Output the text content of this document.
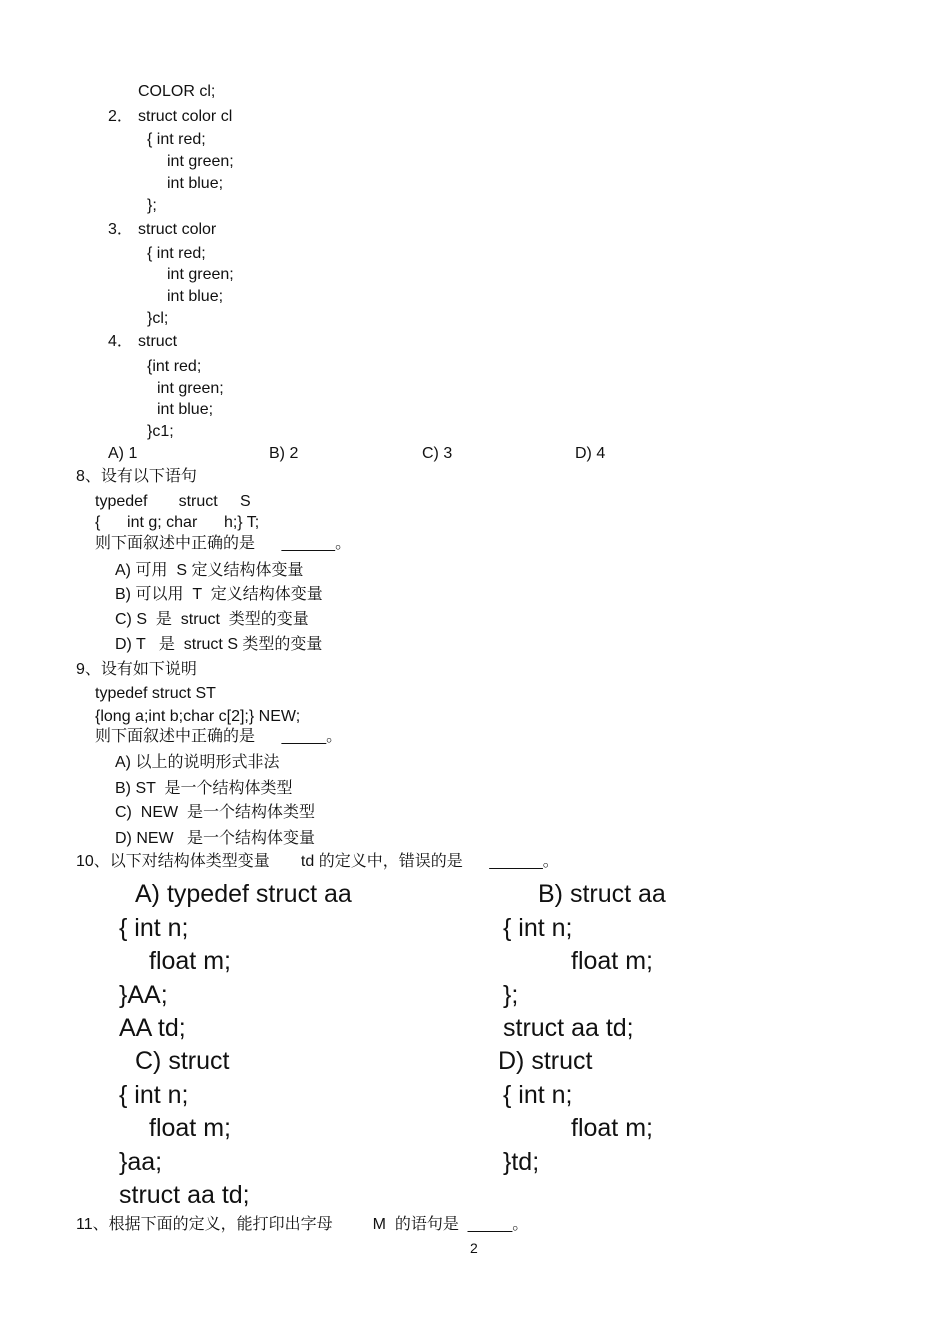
COLOR cl;
2． struct color cl
{ int red;
int green;
int blue;
};
3． struct color
{ int red;
int green;
int blue;
}cl;
4． struct
{int red;
int green;
int blue;
}c1;
A) 1	B) 2	C) 3	D) 4
8、设有以下语句
typedef       struct     S
{      int g; char      h;} T;
则下面叙述中正确的是      ______。
A) 可用  S 定义结构体变量
B) 可以用  T  定义结构体变量
C) S  是  struct  类型的变量
D) T   是  struct S 类型的变量
9、设有如下说明
typedef struct ST
{long a;int b;char c[2];} NEW;
则下面叙述中正确的是      _____。
A) 以上的说明形式非法
B) ST  是一个结构体类型
C)  NEW  是一个结构体类型
D) NEW   是一个结构体变量
10、以下对结构体类型变量       td 的定义中，错误的是      ______。
A) typedef struct aa
{ int n;
float m;
}AA;
AA td;
B) struct aa
{ int n;
float m;
};
struct aa td;
C) struct
{ int n;
float m;
}aa;
struct aa td;
D) struct
{ int n;
float m;
}td;
11、根据下面的定义，能打印出字母         M  的语句是  _____。
2
